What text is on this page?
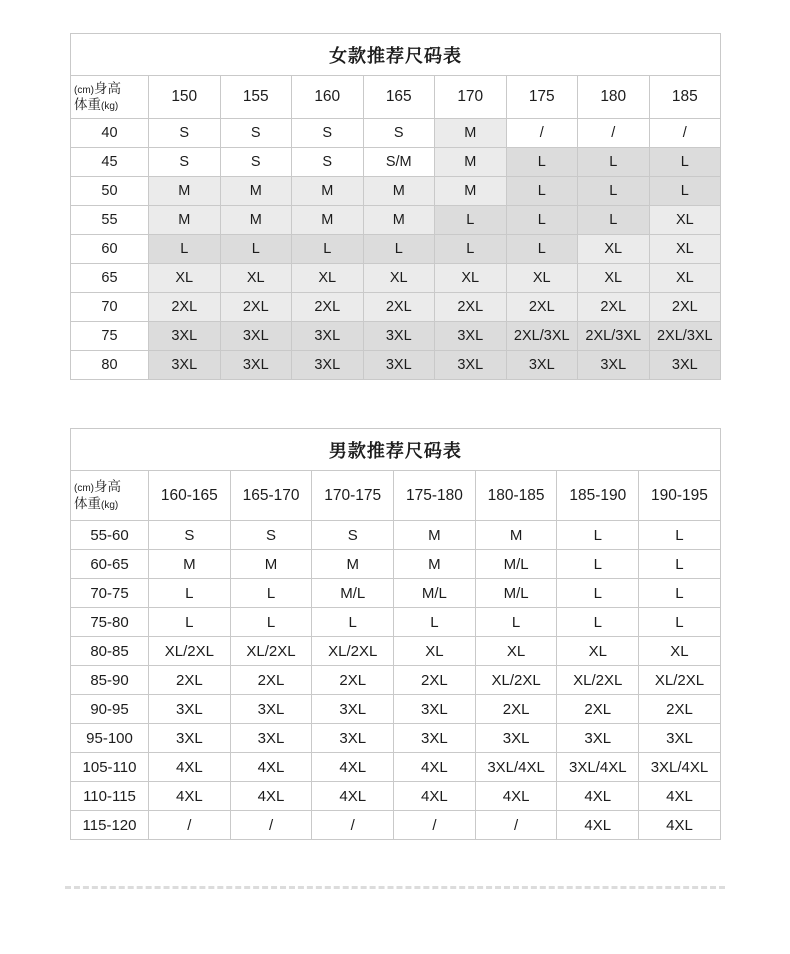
女款推荐尺码表								

(cm)身高
体重(kg)	150	155	160	165	170	175	180	185
40	S	S	S	S	M	/	/	/
45	S	S	S	S/M	M	L	L	L
50	M	M	M	M	M	L	L	L
55	M	M	M	M	L	L	L	XL
60	L	L	L	L	L	L	XL	XL
65	XL	XL	XL	XL	XL	XL	XL	XL
70	2XL	2XL	2XL	2XL	2XL	2XL	2XL	2XL
75	3XL	3XL	3XL	3XL	3XL	2XL/3XL	2XL/3XL	2XL/3XL
80	3XL	3XL	3XL	3XL	3XL	3XL	3XL	3XL
男款推荐尺码表							

(cm)身高
体重(kg)	160-165	165-170	170-175	175-180	180-185	185-190	190-195
55-60	S	S	S	M	M	L	L
60-65	M	M	M	M	M/L	L	L
70-75	L	L	M/L	M/L	M/L	L	L
75-80	L	L	L	L	L	L	L
80-85	XL/2XL	XL/2XL	XL/2XL	XL	XL	XL	XL
85-90	2XL	2XL	2XL	2XL	XL/2XL	XL/2XL	XL/2XL
90-95	3XL	3XL	3XL	3XL	2XL	2XL	2XL
95-100	3XL	3XL	3XL	3XL	3XL	3XL	3XL
105-110	4XL	4XL	4XL	4XL	3XL/4XL	3XL/4XL	3XL/4XL
110-115	4XL	4XL	4XL	4XL	4XL	4XL	4XL
115-120	/	/	/	/	/	4XL	4XL
